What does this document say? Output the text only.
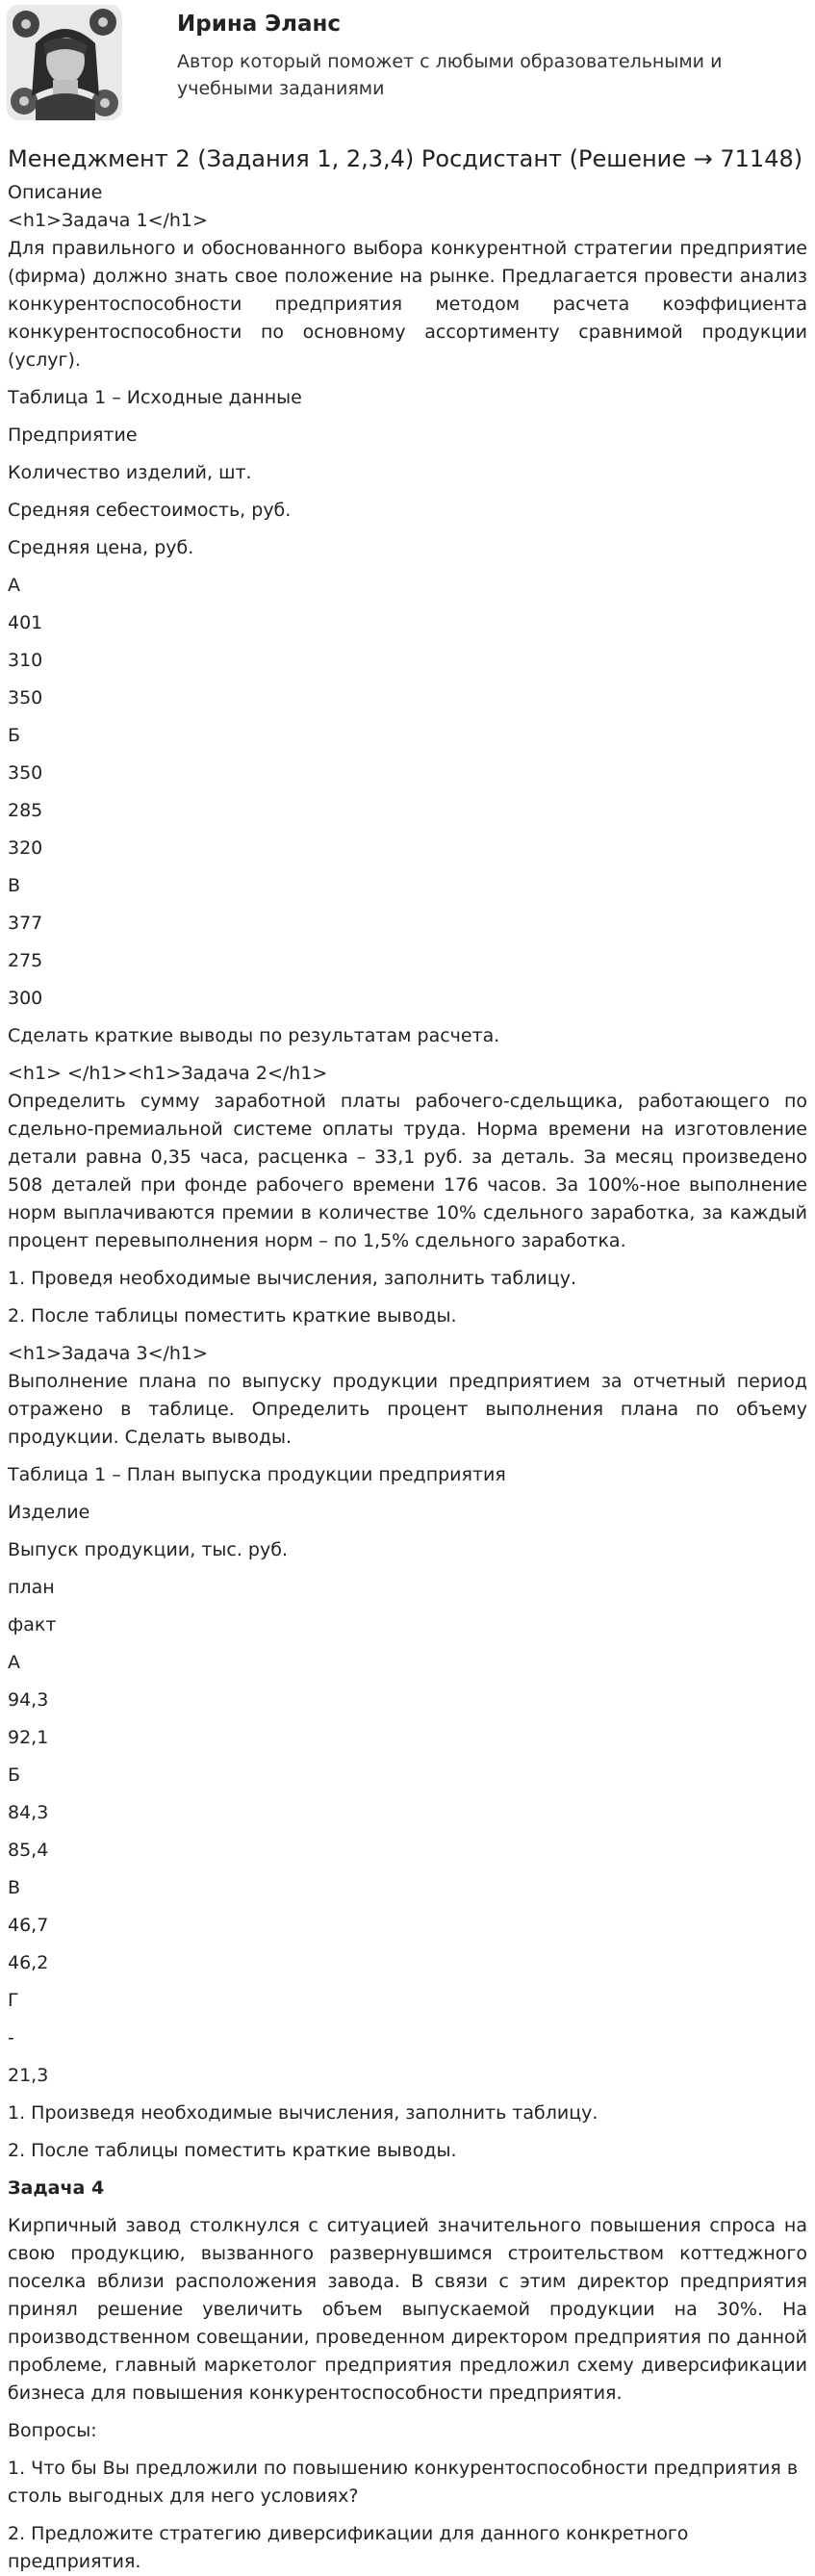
Ирина Эланс
Автор который поможет с любыми образовательными и учебными заданиями
Менеджмент 2 (Задания 1, 2,3,4) Росдистант (Решение → 71148)

Описание

<h1>Задача 1</h1>

Для правильного и обоснованного выбора конкурентной стратегии предприятие (фирма) должно знать свое положение на рынке. Предлагается провести анализ конкурентоспособности предприятия методом расчета коэффициента конкурентоспособности по основному ассортименту сравнимой продукции (услуг).

Таблица 1 – Исходные данные

Предприятие
Количество изделий, шт.
Средняя себестоимость, руб.
Средняя цена, руб.
А
401
310
350
Б
350
285
320
В
377
275
300

Сделать краткие выводы по результатам расчета.

<h1> </h1><h1>Задача 2</h1>

Определить сумму заработной платы рабочего-сдельщика, работающего по сдельно-премиальной системе оплаты труда. Норма времени на изготовление детали равна 0,35 часа, расценка – 33,1 руб. за деталь. За месяц произведено 508 деталей при фонде рабочего времени 176 часов. За 100%-ное выполнение норм выплачиваются премии в количестве 10% сдельного заработка, за каждый процент перевыполнения норм – по 1,5% сдельного заработка.

1. Проведя необходимые вычисления, заполнить таблицу.

2. После таблицы поместить краткие выводы.

<h1>Задача 3</h1>

Выполнение плана по выпуску продукции предприятием за отчетный период отражено в таблице. Определить процент выполнения плана по объему продукции. Сделать выводы.

Таблица 1 – План выпуска продукции предприятия

Изделие
Выпуск продукции, тыс. руб.
план
факт
А
94,3
92,1
Б
84,3
85,4
В
46,7
46,2
Г
-
21,3

1. Произведя необходимые вычисления, заполнить таблицу.

2. После таблицы поместить краткие выводы.

Задача 4

Кирпичный завод столкнулся с ситуацией значительного повышения спроса на свою продукцию, вызванного развернувшимся строительством коттеджного поселка вблизи расположения завода. В связи с этим директор предприятия принял решение увеличить объем выпускаемой продукции на 30%. На производственном совещании, проведенном директором предприятия по данной проблеме, главный маркетолог предприятия предложил схему диверсификации бизнеса для повышения конкурентоспособности предприятия.

Вопросы:

1. Что бы Вы предложили по повышению конкурентоспособности предприятия в столь выгодных для него условиях?

2. Предложите стратегию диверсификации для данного конкретного предприятия.
